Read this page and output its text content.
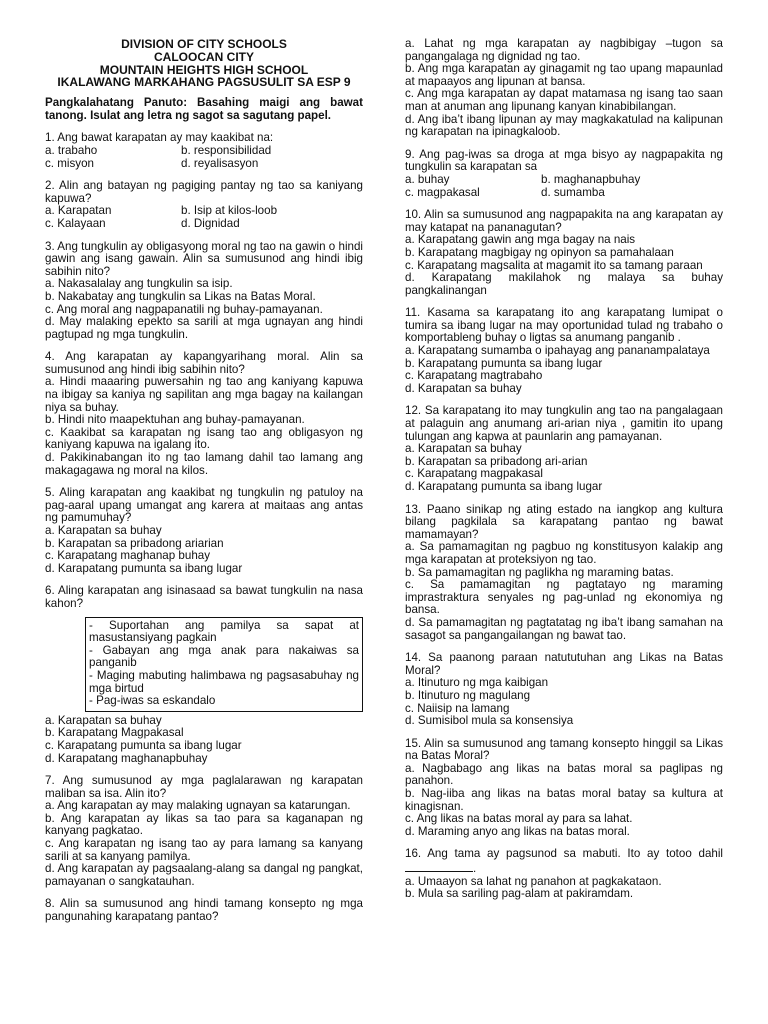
DIVISION OF CITY SCHOOLS
CALOOCAN CITY
MOUNTAIN HEIGHTS HIGH SCHOOL
IKALAWANG MARKAHANG PAGSUSULIT SA ESP 9
Pangkalahatang Panuto: Basahing maigi ang bawat tanong. Isulat ang letra ng sagot sa sagutang papel.

1. Ang bawat karapatan ay may kaakibat na:

a. trabaho	b. responsibilidad
c. misyon	d. reyalisasyon

2. Alin ang batayan ng pagiging pantay ng tao sa kaniyang kapuwa?

a. Karapatan	b. Isip at kilos-loob
c. Kalayaan	d. Dignidad

3. Ang tungkulin ay obligasyong moral ng tao na gawin o hindi gawin ang isang gawain. Alin sa sumusunod ang hindi ibig sabihin nito?

a. Nakasalalay ang tungkulin sa isip.
b. Nakabatay ang tungkulin sa Likas na Batas Moral.
c. Ang moral ang nagpapanatili ng buhay-pamayanan.
d. May malaking epekto sa sarili at mga ugnayan ang hindi pagtupad ng mga tungkulin.

4. Ang karapatan ay kapangyarihang moral. Alin sa sumusunod ang hindi ibig sabihin nito?

a. Hindi maaaring puwersahin ng tao ang kaniyang kapuwa na ibigay sa kaniya ng sapilitan ang mga bagay na kailangan niya sa buhay.
b. Hindi nito maapektuhan ang buhay-pamayanan.
c. Kaakibat sa karapatan ng isang tao ang obligasyon ng kaniyang kapuwa na igalang ito.
d. Pakikinabangan ito ng tao lamang dahil tao lamang ang makagagawa ng moral na kilos.

5. Aling karapatan ang kaakibat ng tungkulin ng patuloy na pag-aaral upang umangat ang karera at maitaas ang antas ng pamumuhay?

a. Karapatan sa buhay
b. Karapatan sa pribadong ariarian
c. Karapatang maghanap buhay
d. Karapatang pumunta sa ibang lugar

6. Aling karapatan ang isinasaad sa bawat tungkulin na nasa kahon?

- Suportahan ang pamilya sa sapat at masustansiyang pagkain
- Gabayan ang mga anak para nakaiwas sa panganib
- Maging mabuting halimbawa ng pagsasabuhay ng mga birtud
- Pag-iwas sa eskandalo
a. Karapatan sa buhay
b. Karapatang Magpakasal
c. Karapatang pumunta sa ibang lugar
d. Karapatang maghanapbuhay

7. Ang sumusunod ay mga paglalarawan ng karapatan maliban sa isa. Alin ito?

a. Ang karapatan ay may malaking ugnayan sa katarungan.
b. Ang karapatan ay likas sa tao para sa kaganapan ng kanyang pagkatao.
c. Ang karapatan ng isang tao ay para lamang sa kanyang sarili at sa kanyang pamilya.
d. Ang karapatan ay pagsaalang-alang sa dangal ng pangkat, pamayanan o sangkatauhan.

8. Alin sa sumusunod ang hindi tamang konsepto ng mga pangunahing karapatang pantao?

a. Lahat ng mga karapatan ay nagbibigay –tugon sa pangangalaga ng dignidad ng tao.
b. Ang mga karapatan ay ginagamit ng tao upang mapaunlad at mapaayos ang lipunan at bansa.
c. Ang mga karapatan ay dapat matamasa ng isang tao saan man at anuman ang lipunang kanyan kinabibilangan.
d. Ang iba’t ibang lipunan ay may magkakatulad na kalipunan ng karapatan na ipinagkaloob.

9. Ang pag-iwas sa droga at mga bisyo ay nagpapakita ng tungkulin sa karapatan sa

a. buhay	b. maghanapbuhay
c. magpakasal	d. sumamba

10. Alin sa sumusunod ang nagpapakita na ang karapatan ay may katapat na pananagutan?

a. Karapatang gawin ang mga bagay na nais
b. Karapatang magbigay ng opinyon sa pamahalaan
c. Karapatang magsalita at magamit ito sa tamang paraan
d. Karapatang makilahok ng malaya sa buhay pangkalinangan

11. Kasama sa karapatang ito ang karapatang lumipat o tumira sa ibang lugar na may oportunidad tulad ng trabaho o komportableng buhay o ligtas sa anumang panganib .

a. Karapatang sumamba o ipahayag ang pananampalataya
b. Karapatang pumunta sa ibang lugar
c. Karapatang magtrabaho
d. Karapatan sa buhay

12. Sa karapatang ito may tungkulin ang tao na pangalagaan at palaguin ang anumang ari-arian niya , gamitin ito upang tulungan ang kapwa at paunlarin ang pamayanan.

a. Karapatan sa buhay
b. Karapatan sa pribadong ari-arian
c. Karapatang magpakasal
d. Karapatang pumunta sa ibang lugar

13. Paano sinikap ng ating estado na iangkop ang kultura bilang pagkilala sa karapatang pantao ng bawat mamamayan?

a. Sa pamamagitan ng pagbuo ng konstitusyon kalakip ang mga karapatan at proteksiyon ng tao.
b. Sa pamamagitan ng paglikha ng maraming batas.
c. Sa pamamagitan ng pagtatayo ng maraming imprastraktura senyales ng pag-unlad ng ekonomiya ng bansa.
d. Sa pamamagitan ng pagtatatag ng iba’t ibang samahan na sasagot sa pangangailangan ng bawat tao.

14. Sa paanong paraan natututuhan ang Likas na Batas Moral?

a. Itinuturo ng mga kaibigan
b. Itinuturo ng magulang
c. Naiisip na lamang
d. Sumisibol mula sa konsensiya

15. Alin sa sumusunod ang tamang konsepto hinggil sa Likas na Batas Moral?

a. Nagbabago ang likas na batas moral sa paglipas ng panahon.
b. Nag-iiba ang likas na batas moral batay sa kultura at kinagisnan.
c. Ang likas na batas moral ay para sa lahat.
d. Maraming anyo ang likas na batas moral.

16. Ang tama ay pagsunod sa mabuti. Ito ay totoo dahil .

a. Umaayon sa lahat ng panahon at pagkakataon.
b. Mula sa sariling pag-alam at pakiramdam.
